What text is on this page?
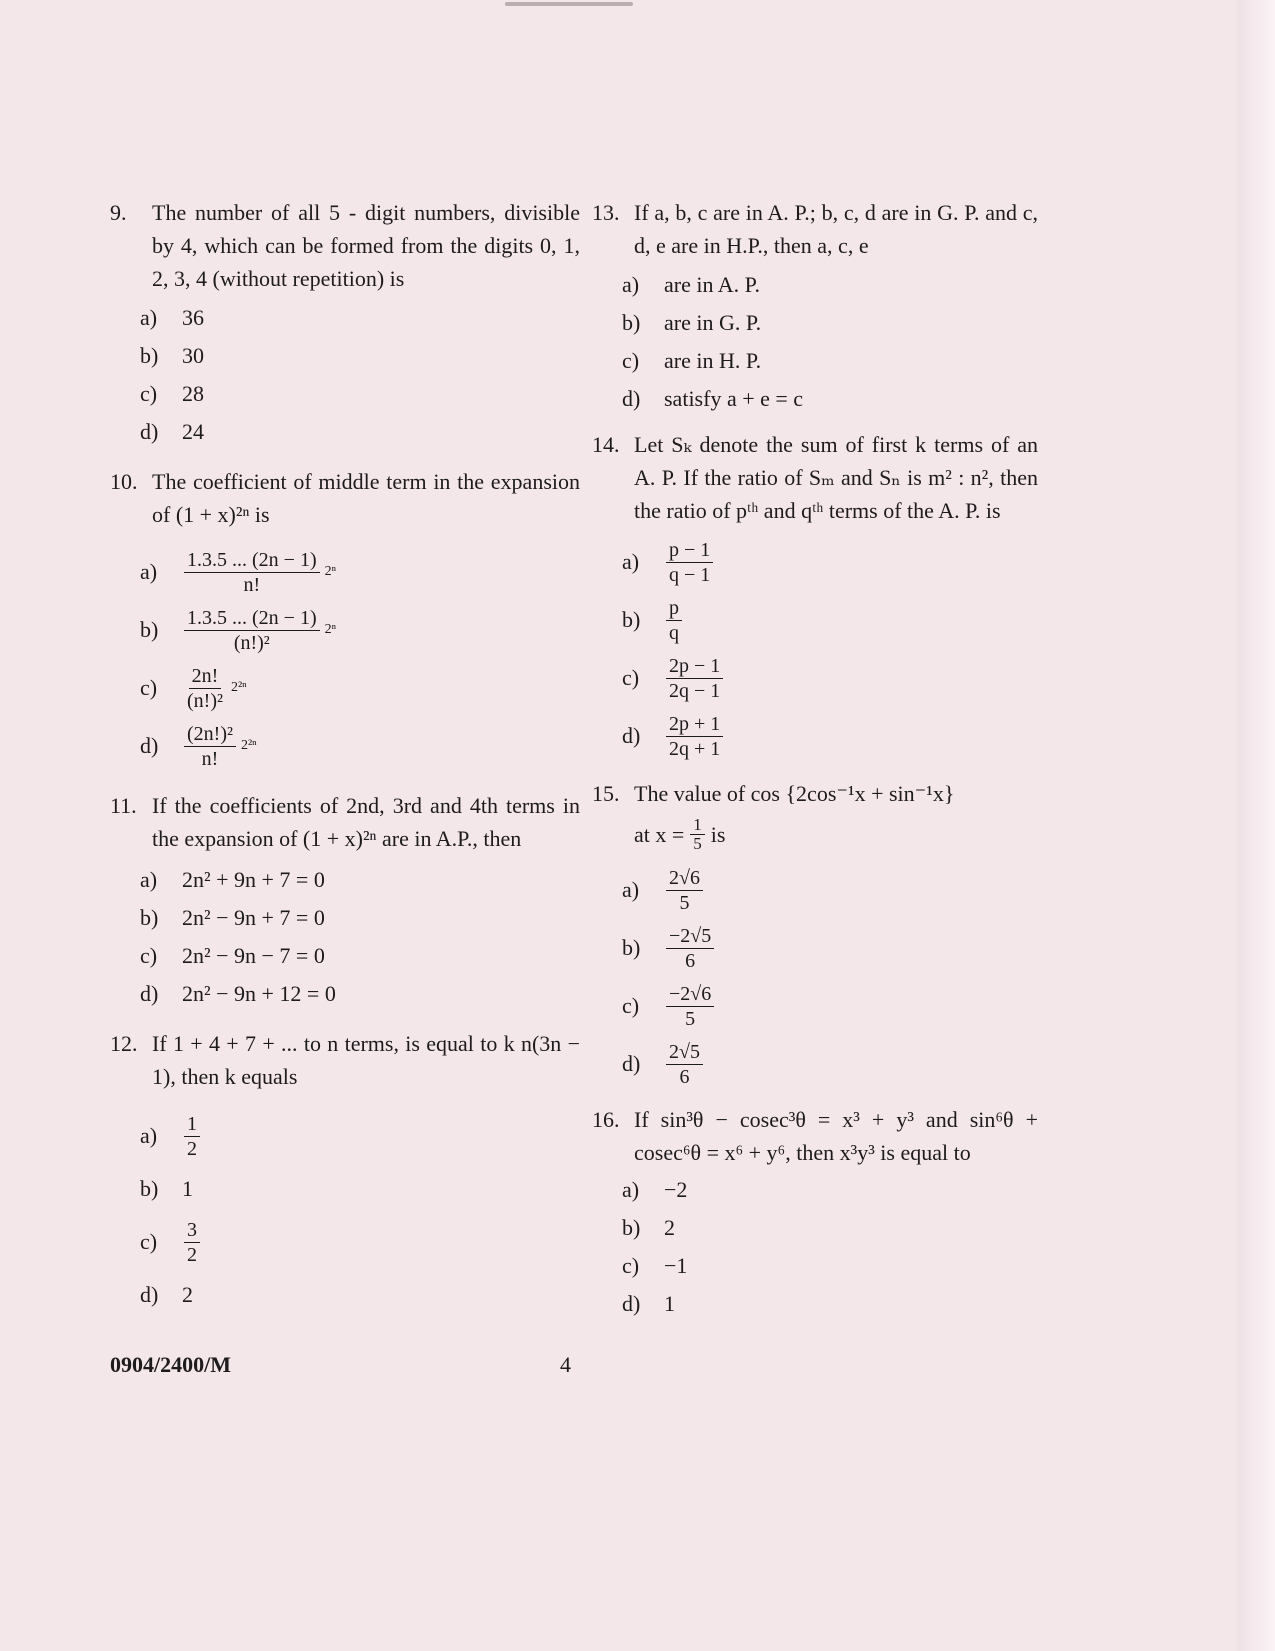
9.	The number of all 5 - digit numbers, divisible by 4, which can be formed from the digits 0, 1, 2, 3, 4 (without repetition) is
a)	36
b)	30
c)	28
d)	24
10. The coefficient of middle term in the expansion of (1 + x)²ⁿ is
a)	$\frac{1.3.5 ... (2n - 1)}{n!} 2^n$
b)	$\frac{1.3.5 ... (2n - 1)}{\text{(n!)²}} 2^n$
c)	$\frac{2n!}{\text{(n!)²}} 2^{2n}$
d)	$\frac{\text{(2n!)²}}{n!} 2^{2n}$
11. If the coefficients of 2nd, 3rd and 4th terms in the expansion of (1 + x)²ⁿ are in A.P., then
a)	2n² + 9n + 7 = 0
b)	2n² − 9n + 7 = 0
c)	2n² − 9n − 7 = 0
d)	2n² − 9n + 12 = 0
12. If 1 + 4 + 7 + ... to n terms, is equal to k n(3n − 1), then k equals
a)	$\frac{1}{2}$
b)	1
c)	$\frac{3}{2}$
d)	2
13. If a, b, c are in A. P.; b, c, d are in G. P. and c, d, e are in H.P., then a, c, e
a)	are in A. P.
b)	are in G. P.
c)	are in H. P.
d)	satisfy a + e = c
14. Let Sₖ denote the sum of first k terms of an A. P. If the ratio of Sₘ and Sₙ is m² : n², then the ratio of pᵗʰ and qᵗʰ terms of the A. P. is
a)	$\frac{p - 1}{q - 1}$
b)	$\frac{p}{q}$
c)	$\frac{2p - 1}{2q - 1}$
d)	$\frac{2p + 1}{2q + 1}$
15. The value of cos {2cos⁻¹x + sin⁻¹x}
at $x = \frac{1}{5}$ is
a)	$\frac{2√6}{5}$
b)	$\frac{-2√5}{6}$
c)	$\frac{-2√6}{5}$
d)	$\frac{2√5}{6}$
16. If sin³θ − cosec³θ = x³ + y³ and sin⁶θ + cosec⁶θ = x⁶ + y⁶, then x³y³ is equal to
a)	−2
b)	2
c)	−1
d)	1
0904/2400/M	4
